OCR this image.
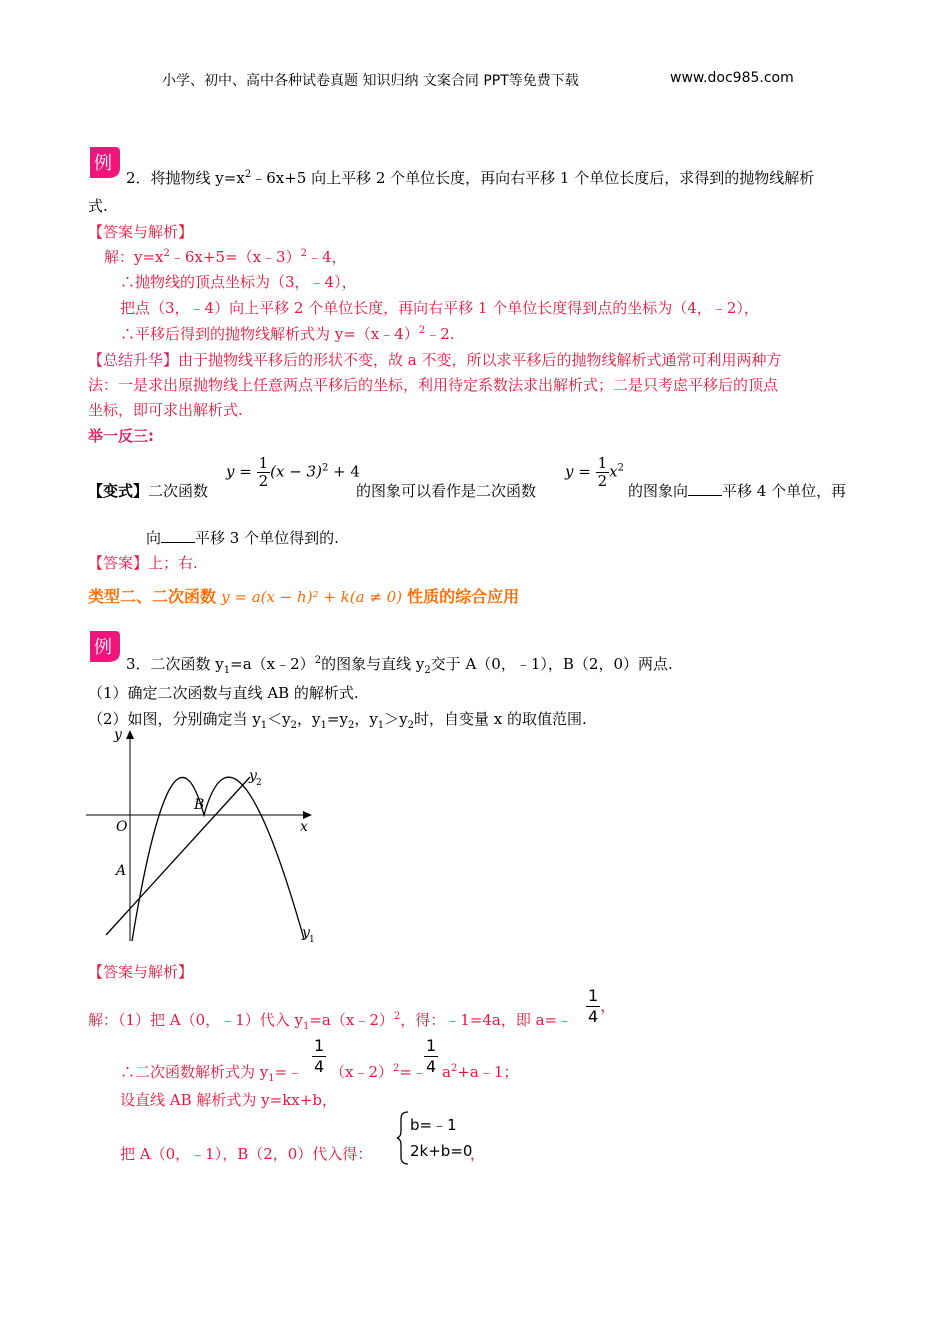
小学、初中、高中各种试卷真题 知识归纳 文案合同 PPT等免费下载	www.doc985.com
例
2．将抛物线 $y=x^2﹣6x+5$ 向上平移 2 个单位长度，再向右平移 1 个单位长度后，求得到的抛物线解析
式.
【答案与解析】
解：$y=x^2﹣6x+5=(x﹣3)^2﹣4$，
∴抛物线的顶点坐标为（3，﹣4），
把点（3，﹣4）向上平移 2 个单位长度，再向右平移 1 个单位长度得到点的坐标为（4，﹣2），
∴平移后得到的抛物线解析式为 y=（x﹣4）$^2$﹣2.
【总结升华】由于抛物线平移后的形状不变，故 a 不变，所以求平移后的抛物线解析式通常可利用两种方
法：一是求出原抛物线上任意两点平移后的坐标，利用待定系数法求出解析式；二是只考虑平移后的顶点
坐标，即可求出解析式.
举一反三:
【变式】二次函数
$y = \frac{1}{2} (x - 3)^2 + 4$
的图象可以看作是二次函数
$y = \frac{1}{2} x^2$
的图象向 平移 4 个单位，再
向 平移 3 个单位得到的.
【答案】上；右.
类型二、二次函数 y = a(x − h)² + k(a ≠ 0) 性质的综合应用
例
3．二次函数 $y_1=a(x﹣2)^2$的图象与直线 $y_2$交于 A（0，﹣1），B（2，0）两点.
（1）确定二次函数与直线 AB 的解析式.
（2）如图，分别确定当 $y_1<y_2$，$y_1=y_2$，$y_1>y_2$时，自变量 x 的取值范围.
y
x
O
A
B
y 2
y 1
【答案与解析】
解：（1）把 A（0，﹣1）代入 $y_1=a(x﹣2)^2$，得：﹣1=4a，即 a=﹣ $\frac{1}{4}$ ，
∴二次函数解析式为 $y_1=﹣ \frac{1}{4}$ （x﹣2）$^2$=﹣
$\frac{1}{4}$ $a^2+a﹣1$；
设直线 AB 解析式为 y=kx+b，
把 A（0，﹣1），B（2，0）代入得：
b=﹣1
2k+b=0
，
